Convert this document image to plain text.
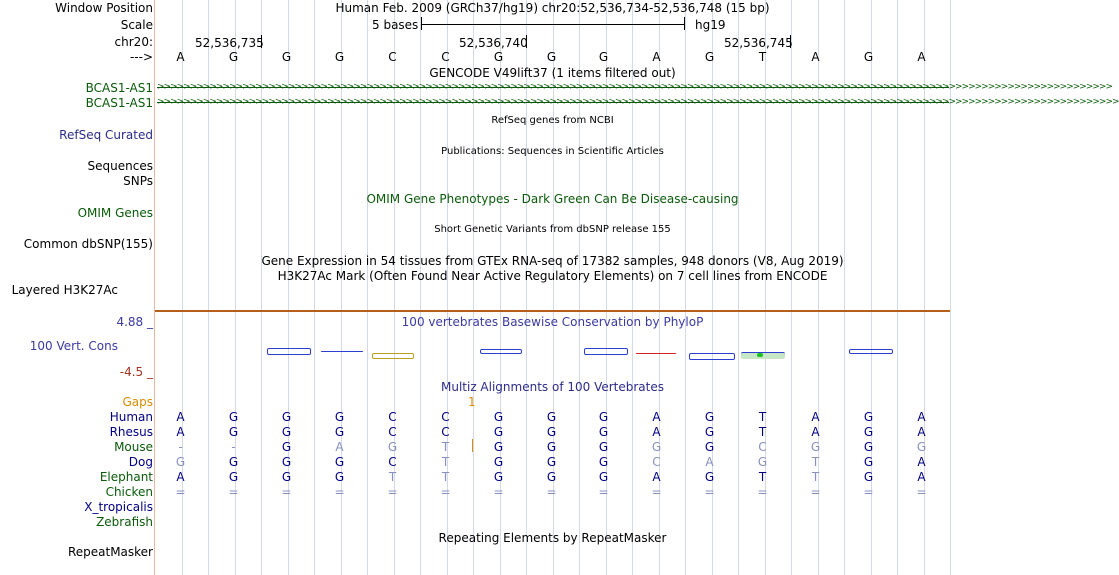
Window Position	Human Feb. 2009 (GRCh37/hg19) chr20:52,536,734-52,536,748 (15 bp)
Scale	5 bases	hg19
chr20:	52,536,735	52,536,740	52,536,745
--->	A	G	G	G	C	C	G	G	G	A	G	T	A	G	A
GENCODE V49lift37 (1 items filtered out)
BCAS1-AS1 >>>>>>>>>>>>>>>>>>>>>>>>>>>>>>>>>>>>>>>>>>>>>>>>>>>>>>>>>>>>>>>>>>>>>>>>>>>>>>>>>>>>>>>>>>>>>>>>>>>>>>>>>>>>>>>>>>>>>>>>>>>>>>>>>>>>>>>>>>>>>>>>>>
BCAS1-AS1 >>>>>>>>>>>>>>>>>>>>>>>>>>>>>>>>>>>>>>>>>>>>>>>>>>>>>>>>>>>>>>>>>>>>>>>>>>>>>>>>>>>>>>>>>>>>>>>>>>>>>>>>>>>>>>>>>>>>>>>>>>>>>>>>>>>>>>>>>>>>>>>>>>>
RefSeq genes from NCBI
RefSeq Curated
Publications: Sequences in Scientific Articles
Sequences
SNPs
OMIM Gene Phenotypes - Dark Green Can Be Disease-causing
OMIM Genes
Short Genetic Variants from dbSNP release 155
Common dbSNP(155)
Gene Expression in 54 tissues from GTEx RNA-seq of 17382 samples, 948 donors (V8, Aug 2019)
H3K27Ac Mark (Often Found Near Active Regulatory Elements) on 7 cell lines from ENCODE
Layered H3K27Ac
100 vertebrates Basewise Conservation by PhyloP
4.88 _
100 Vert. Cons
-4.5 _
Multiz Alignments of 100 Vertebrates
Gaps	1
Human	A	G	G	G	C	C	G	G	G	A	G	T	A	G	A
Rhesus	A	G	G	G	C	C	G	G	G	A	G	T	A	G	A
Mouse	-	-	G	A	G	T	G	G	G	G	G	C	G	G	G
Dog	G	G	G	G	C	T	G	G	G	C	A	G	T	G	A
Elephant	A	G	G	G	T	T	G	G	G	A	G	T	T	G	A
Chicken	=	=	=	=	=	=	=	=	=	=	=	=	=	=	=
X_tropicalis
Zebrafish
Repeating Elements by RepeatMasker
RepeatMasker
